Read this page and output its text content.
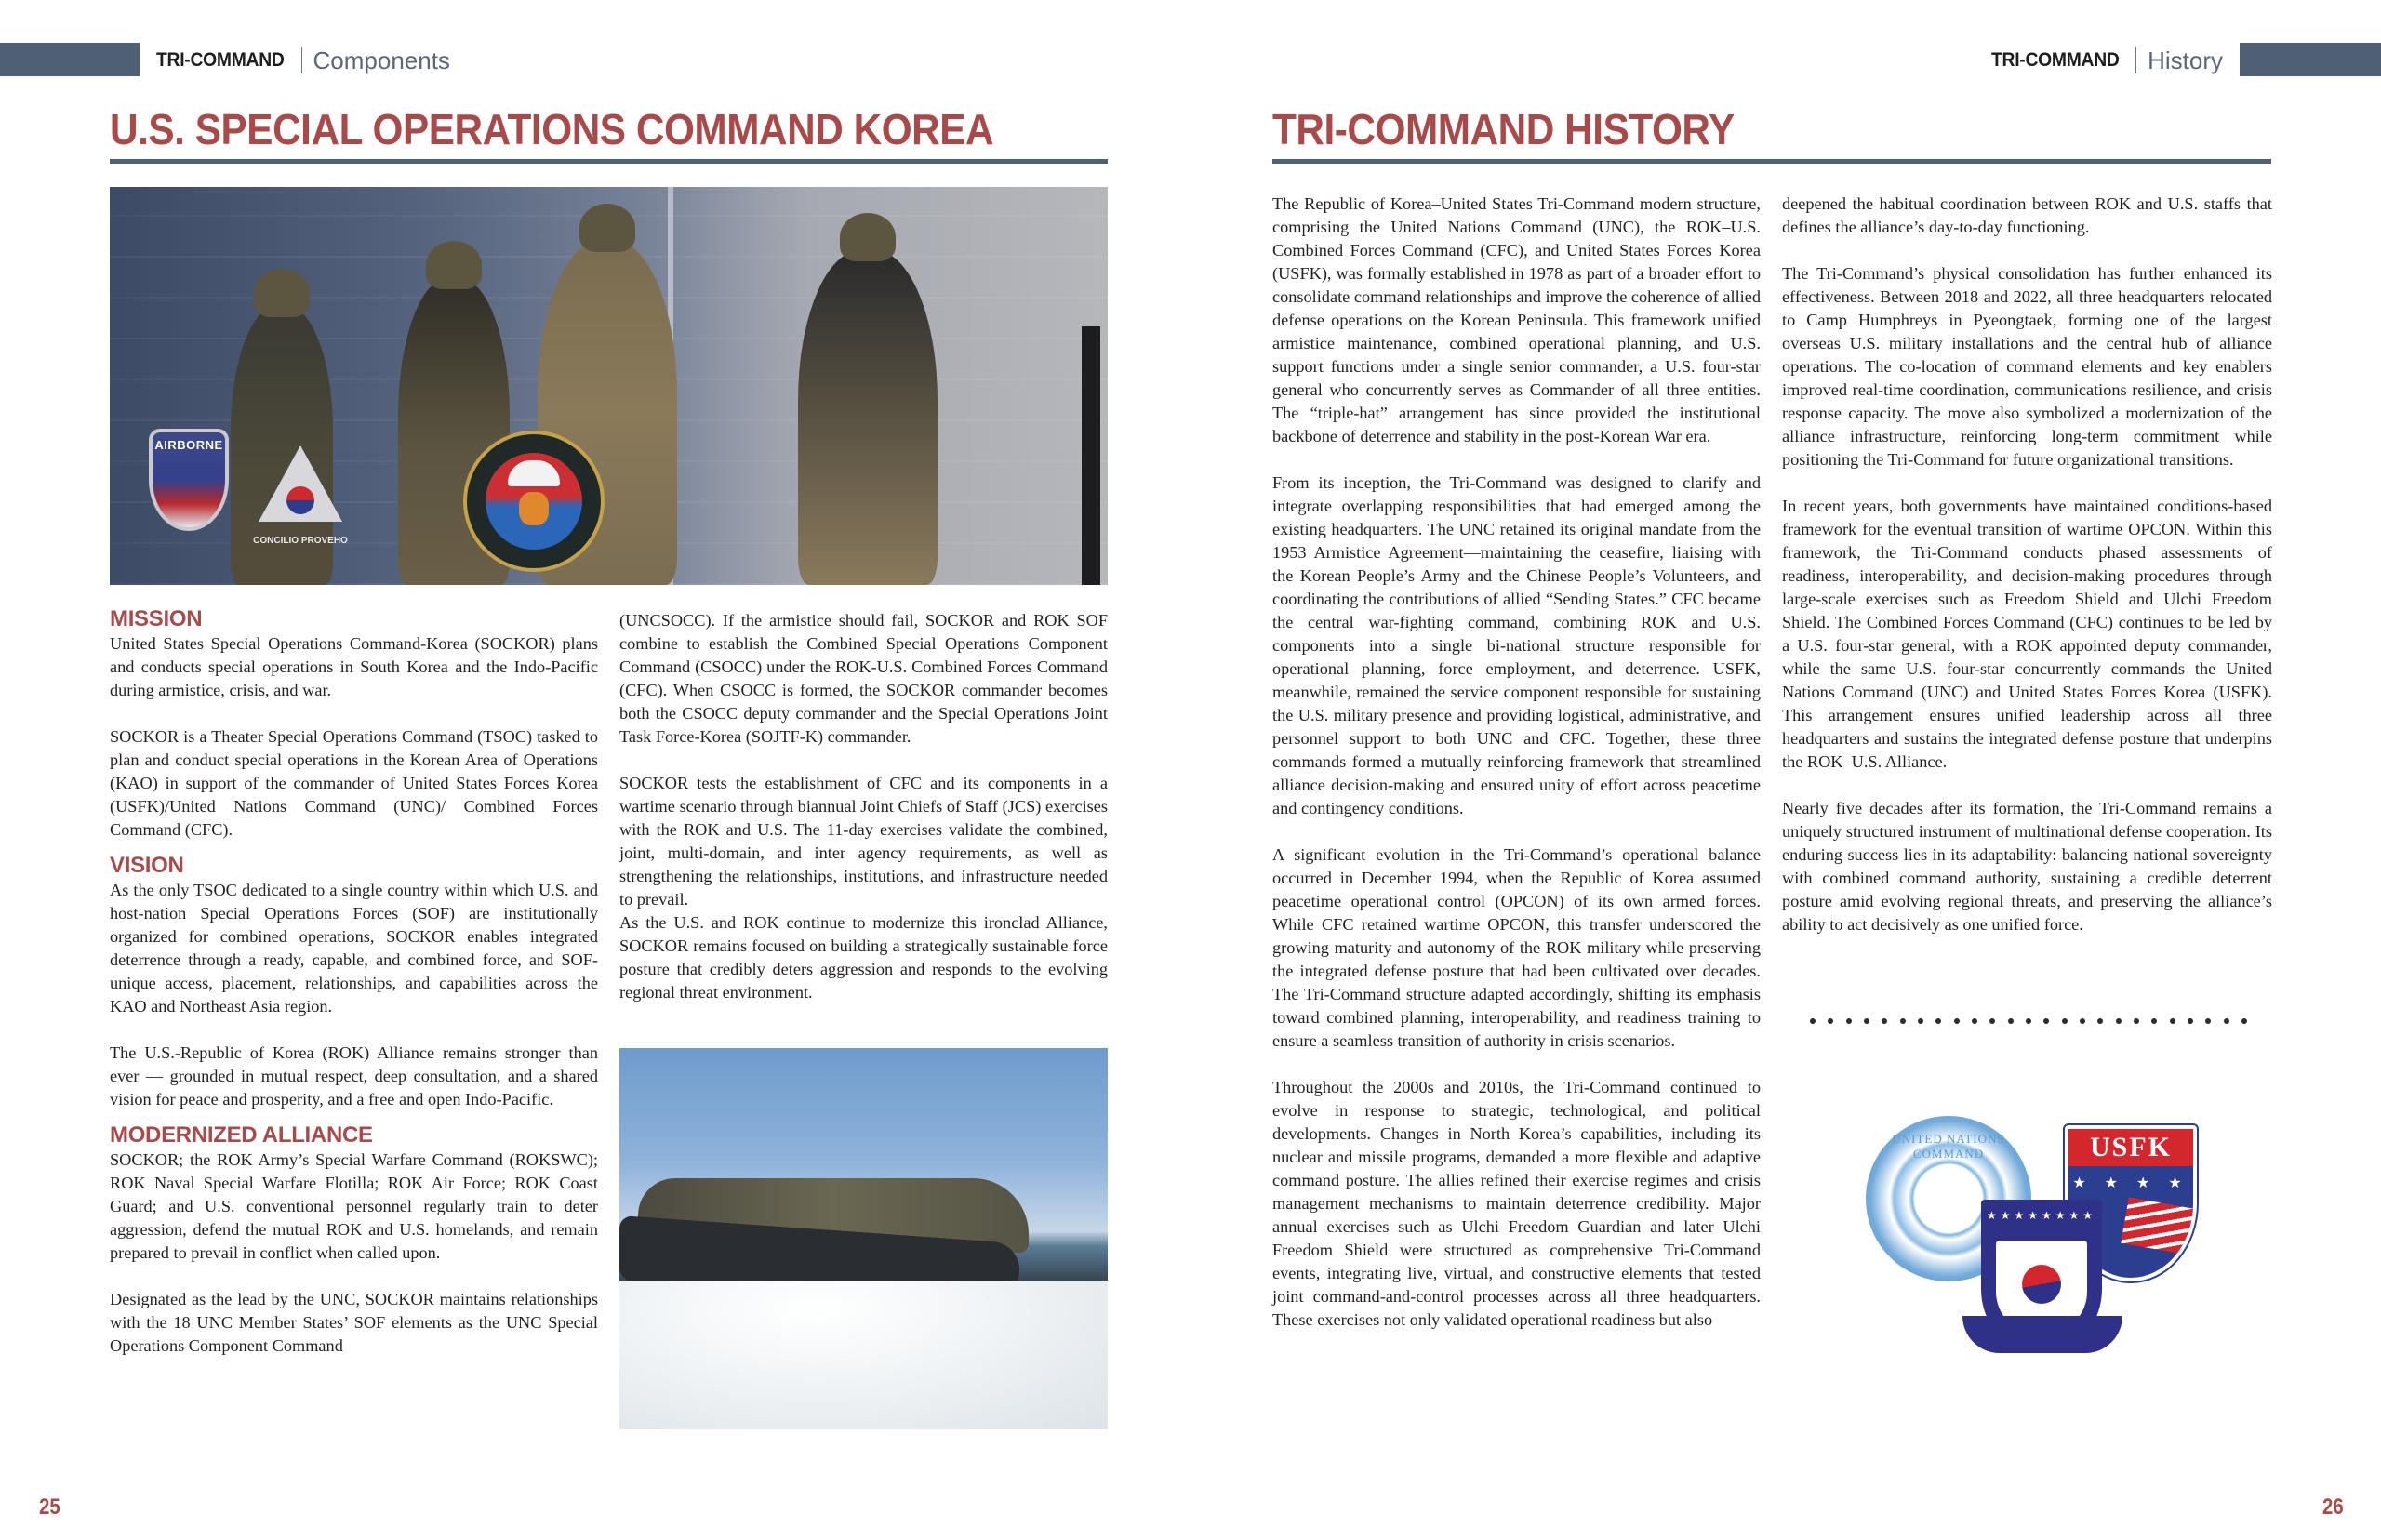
TRI-COMMAND Components
U.S. SPECIAL OPERATIONS COMMAND KOREA
AIRBORNE
CONCILIO PROVEHO
MISSION

United States Special Operations Command-Korea (SOCKOR) plans and conducts special operations in South Korea and the Indo-Pacific during armistice, crisis, and war.

SOCKOR is a Theater Special Operations Command (TSOC) tasked to plan and conduct special operations in the Korean Area of Operations (KAO) in support of the commander of United States Forces Korea (USFK)/United Nations Command (UNC)/ Combined Forces Command (CFC).

VISION

As the only TSOC dedicated to a single country within which U.S. and host-nation Special Operations Forces (SOF) are institutionally organized for combined operations, SOCKOR enables integrated deterrence through a ready, capable, and combined force, and SOF-unique access, placement, relationships, and capabilities across the KAO and Northeast Asia region.

The U.S.-Republic of Korea (ROK) Alliance remains stronger than ever — grounded in mutual respect, deep consultation, and a shared vision for peace and prosperity, and a free and open Indo-Pacific.

MODERNIZED ALLIANCE

SOCKOR; the ROK Army’s Special Warfare Command (ROKSWC); ROK Naval Special Warfare Flotilla; ROK Air Force; ROK Coast Guard; and U.S. conventional personnel regularly train to deter aggression, defend the mutual ROK and U.S. homelands, and remain prepared to prevail in conflict when called upon.

Designated as the lead by the UNC, SOCKOR maintains relationships with the 18 UNC Member States’ SOF elements as the UNC Special Operations Component Command

(UNCSOCC). If the armistice should fail, SOCKOR and ROK SOF combine to establish the Combined Special Operations Component Command (CSOCC) under the ROK-U.S. Combined Forces Command (CFC). When CSOCC is formed, the SOCKOR commander becomes both the CSOCC deputy commander and the Special Operations Joint Task Force-Korea (SOJTF-K) commander.

SOCKOR tests the establishment of CFC and its components in a wartime scenario through biannual Joint Chiefs of Staff (JCS) exercises with the ROK and U.S. The 11-day exercises validate the combined, joint, multi-domain, and inter agency requirements, as well as strengthening the relationships, institutions, and infrastructure needed to prevail.

As the U.S. and ROK continue to modernize this ironclad Alliance, SOCKOR remains focused on building a strategically sustainable force posture that credibly deters aggression and responds to the evolving regional threat environment.

25
TRI-COMMAND History
TRI-COMMAND HISTORY

The Republic of Korea–United States Tri-Command modern structure, comprising the United Nations Command (UNC), the ROK–U.S. Combined Forces Command (CFC), and United States Forces Korea (USFK), was formally established in 1978 as part of a broader effort to consolidate command relationships and improve the coherence of allied defense operations on the Korean Peninsula. This framework unified armistice maintenance, combined operational planning, and U.S. support functions under a single senior commander, a U.S. four-star general who concurrently serves as Commander of all three entities. The “triple-hat” arrangement has since provided the institutional backbone of deterrence and stability in the post-Korean War era.

From its inception, the Tri-Command was designed to clarify and integrate overlapping responsibilities that had emerged among the existing headquarters. The UNC retained its original mandate from the 1953 Armistice Agreement—maintaining the ceasefire, liaising with the Korean People’s Army and the Chinese People’s Volunteers, and coordinating the contributions of allied “Sending States.” CFC became the central war-fighting command, combining ROK and U.S. components into a single bi-national structure responsible for operational planning, force employment, and deterrence. USFK, meanwhile, remained the service component responsible for sustaining the U.S. military presence and providing logistical, administrative, and personnel support to both UNC and CFC. Together, these three commands formed a mutually reinforcing framework that streamlined alliance decision-making and ensured unity of effort across peacetime and contingency conditions.

A significant evolution in the Tri-Command’s operational balance occurred in December 1994, when the Republic of Korea assumed peacetime operational control (OPCON) of its own armed forces. While CFC retained wartime OPCON, this transfer underscored the growing maturity and autonomy of the ROK military while preserving the integrated defense posture that had been cultivated over decades. The Tri-Command structure adapted accordingly, shifting its emphasis toward combined planning, interoperability, and readiness training to ensure a seamless transition of authority in crisis scenarios.

Throughout the 2000s and 2010s, the Tri-Command continued to evolve in response to strategic, technological, and political developments. Changes in North Korea’s capabilities, including its nuclear and missile programs, demanded a more flexible and adaptive command posture. The allies refined their exercise regimes and crisis management mechanisms to maintain deterrence credibility. Major annual exercises such as Ulchi Freedom Guardian and later Ulchi Freedom Shield were structured as comprehensive Tri-Command events, integrating live, virtual, and constructive elements that tested joint command-and-control processes across all three headquarters. These exercises not only validated operational readiness but also

deepened the habitual coordination between ROK and U.S. staffs that defines the alliance’s day-to-day functioning.

The Tri-Command’s physical consolidation has further enhanced its effectiveness. Between 2018 and 2022, all three headquarters relocated to Camp Humphreys in Pyeongtaek, forming one of the largest overseas U.S. military installations and the central hub of alliance operations. The co-location of command elements and key enablers improved real-time coordination, communications resilience, and crisis response capacity. The move also symbolized a modernization of the alliance infrastructure, reinforcing long-term commitment while positioning the Tri-Command for future organizational transitions.

In recent years, both governments have maintained conditions-based framework for the eventual transition of wartime OPCON. Within this framework, the Tri-Command conducts phased assessments of readiness, interoperability, and decision-making procedures through large-scale exercises such as Freedom Shield and Ulchi Freedom Shield. The Combined Forces Command (CFC) continues to be led by a U.S. four-star general, with a ROK appointed deputy commander, while the same U.S. four-star concurrently commands the United Nations Command (UNC) and United States Forces Korea (USFK). This arrangement ensures unified leadership across all three headquarters and sustains the integrated defense posture that underpins the ROK–U.S. Alliance.

Nearly five decades after its formation, the Tri-Command remains a uniquely structured instrument of multinational defense cooperation. Its enduring success lies in its adaptability: balancing national sovereignty with combined command authority, sustaining a credible deterrent posture amid evolving regional threats, and preserving the alliance’s ability to act decisively as one unified force.

UNITED NATIONS COMMAND	USFK
★ ★ ★ ★
★★★★★★★★
26
